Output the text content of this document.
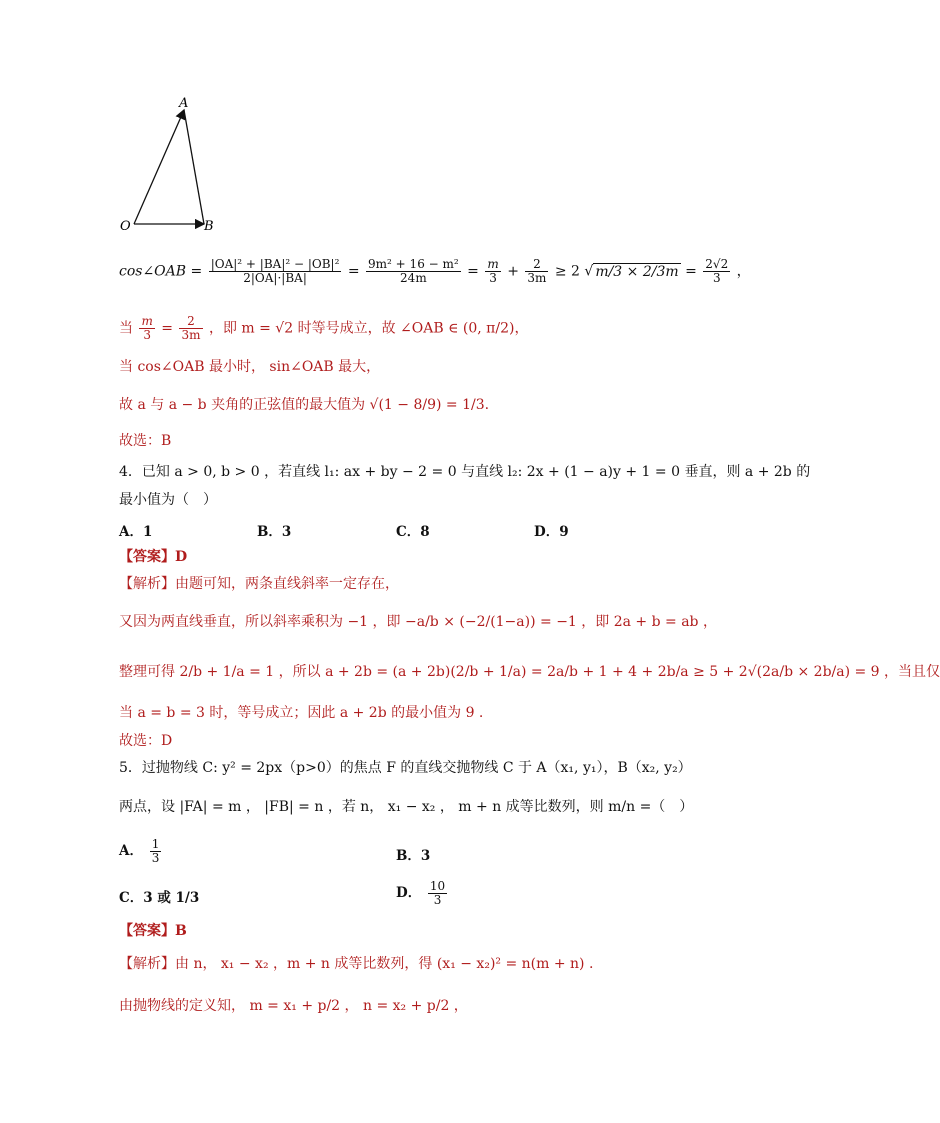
A
O	B
cos∠OAB = $\frac{\text{|OA|² + |BA|² − |OB|²}}{2|OA|\cdot|BA|} = \frac{\text{9m² + 16 − m²}}{24m} = \frac{m}{3} + \frac{2}{3m} \ge 2$ √ $m/3 \times 2/3m = \frac{2√2}{3}$ ，
当 $\frac{m}{3} = \frac{2}{3m}$ ，即 m = √2 时等号成立，故 ∠OAB ∈ (0, π/2)，
当 cos∠OAB 最小时， sin∠OAB 最大，
故 a 与 a − b 夹角的正弦值的最大值为 √(1 − 8/9) = 1/3.
故选：B
4．已知 a > 0, b > 0 ，若直线 l₁: ax + by − 2 = 0 与直线 l₂: 2x + (1 − a)y + 1 = 0 垂直，则 a + 2b 的
最小值为（　）
A．1	B．3	C．8	D．9
【答案】D
【解析】由题可知，两条直线斜率一定存在，
又因为两直线垂直，所以斜率乘积为 −1 ，即 −a/b × (−2/(1−a)) = −1 ，即 2a + b = ab ，
整理可得 2/b + 1/a = 1 ，所以 a + 2b = (a + 2b)(2/b + 1/a) = 2a/b + 1 + 4 + 2b/a ≥ 5 + 2√(2a/b × 2b/a) = 9 ，当且仅
当 a = b = 3 时，等号成立；因此 a + 2b 的最小值为 9 .
故选：D
5．过抛物线 C: y² = 2px（p>0）的焦点 F 的直线交抛物线 C 于 A（x₁, y₁），B（x₂, y₂）
两点，设 |FA| = m ， |FB| = n ，若 n， x₁ − x₂ ， m + n 成等比数列，则 m/n =（　）
A． $\frac{1}{3}$	B．3
C．3 或 1/3	D． $\frac{10}{3}$
【答案】B
【解析】由 n， x₁ − x₂ ，m + n 成等比数列，得 (x₁ − x₂)² = n(m + n) .
由抛物线的定义知， m = x₁ + p/2 ， n = x₂ + p/2 ，
